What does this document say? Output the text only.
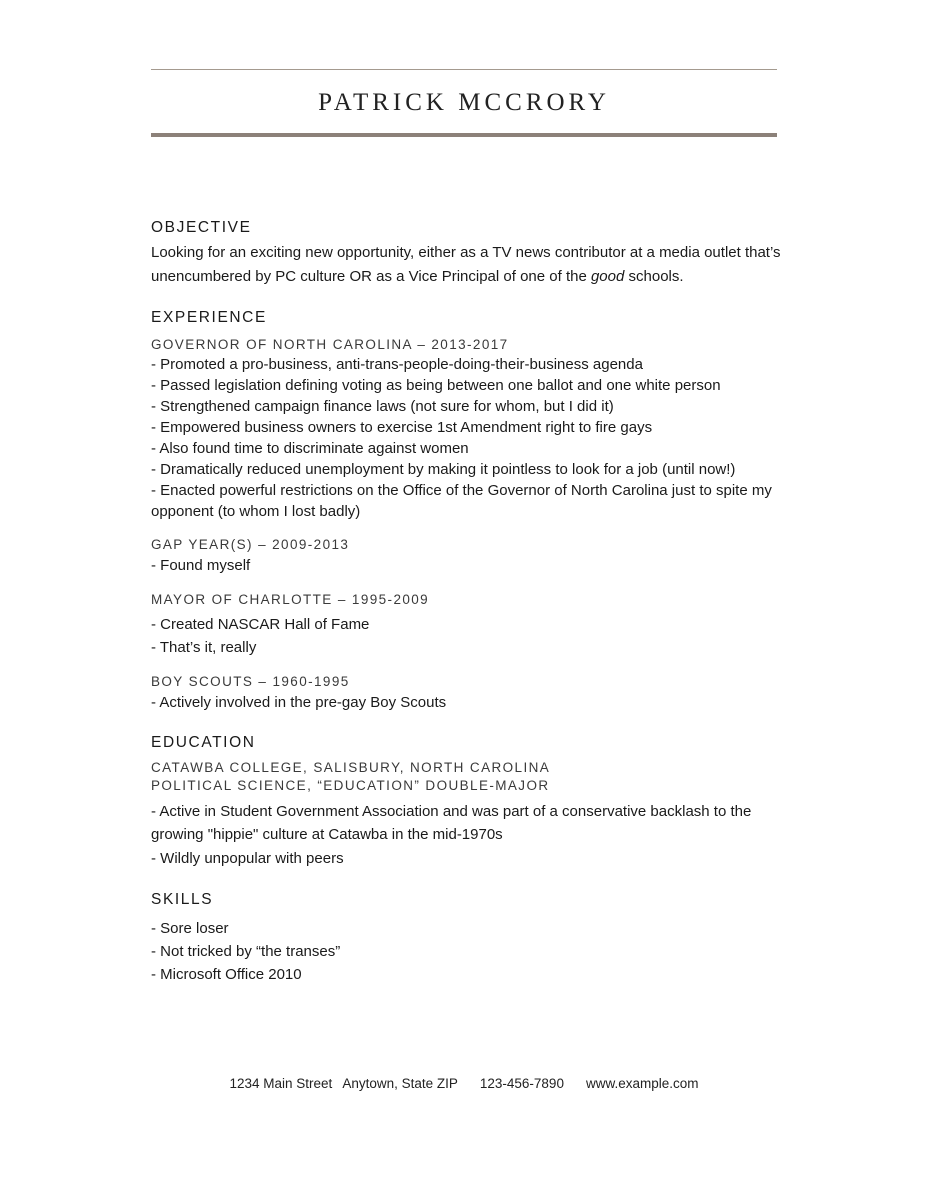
PATRICK MCCRORY
OBJECTIVE

Looking for an exciting new opportunity, either as a TV news contributor at a media outlet that’s unencumbered by PC culture OR as a Vice Principal of one of the good schools.

EXPERIENCE
GOVERNOR OF NORTH CAROLINA – 2013-2017
- Promoted a pro-business, anti-trans-people-doing-their-business agenda
- Passed legislation defining voting as being between one ballot and one white person
- Strengthened campaign finance laws (not sure for whom, but I did it)
- Empowered business owners to exercise 1st Amendment right to fire gays
- Also found time to discriminate against women
- Dramatically reduced unemployment by making it pointless to look for a job (until now!)
- Enacted powerful restrictions on the Office of the Governor of North Carolina just to spite my opponent (to whom I lost badly)
GAP YEAR(S) – 2009-2013
- Found myself
MAYOR OF CHARLOTTE – 1995-2009
- Created NASCAR Hall of Fame
- That’s it, really
BOY SCOUTS – 1960-1995
- Actively involved in the pre-gay Boy Scouts
EDUCATION
CATAWBA COLLEGE, SALISBURY, NORTH CAROLINA
POLITICAL SCIENCE, “EDUCATION” DOUBLE-MAJOR
- Active in Student Government Association and was part of a conservative backlash to the growing "hippie" culture at Catawba in the mid-1970s
- Wildly unpopular with peers
SKILLS
- Sore loser
- Not tricked by “the transes”
- Microsoft Office 2010
1234 Main Street Anytown, State ZIP 123-456-7890 www.example.com
